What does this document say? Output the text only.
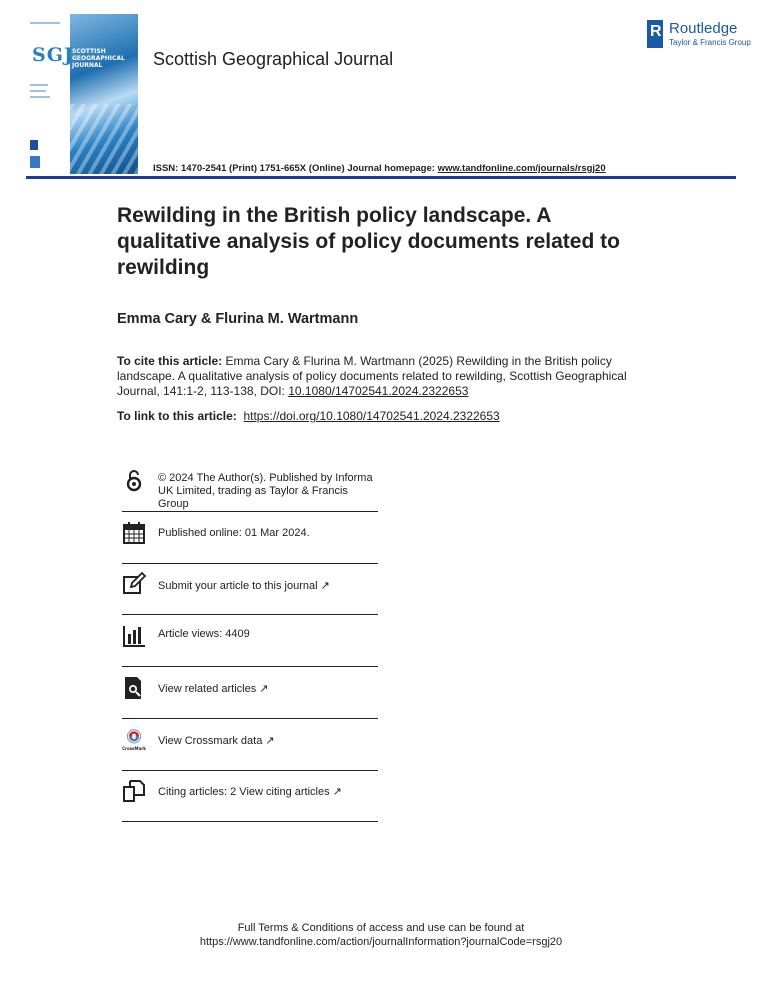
SGJ
SCOTTISH
GEOGRAPHICAL
JOURNAL	Scottish Geographical Journal
R Routledge
Taylor & Francis Group
ISSN: 1470-2541 (Print) 1751-665X (Online) Journal homepage: www.tandfonline.com/journals/rsgj20
Rewilding in the British policy landscape. A qualitative analysis of policy documents related to rewilding
Emma Cary & Flurina M. Wartmann
To cite this article: Emma Cary & Flurina M. Wartmann (2025) Rewilding in the British policy landscape. A qualitative analysis of policy documents related to rewilding, Scottish Geographical Journal, 141:1-2, 113-138, DOI: 10.1080/14702541.2024.2322653
To link to this article: https://doi.org/10.1080/14702541.2024.2322653
© 2024 The Author(s). Published by Informa UK Limited, trading as Taylor & Francis Group
Published online: 01 Mar 2024.
Submit your article to this journal ↗
Article views: 4409
View related articles ↗
CrossMark
View Crossmark data ↗
Citing articles: 2 View citing articles ↗
Full Terms & Conditions of access and use can be found at
https://www.tandfonline.com/action/journalInformation?journalCode=rsgj20
